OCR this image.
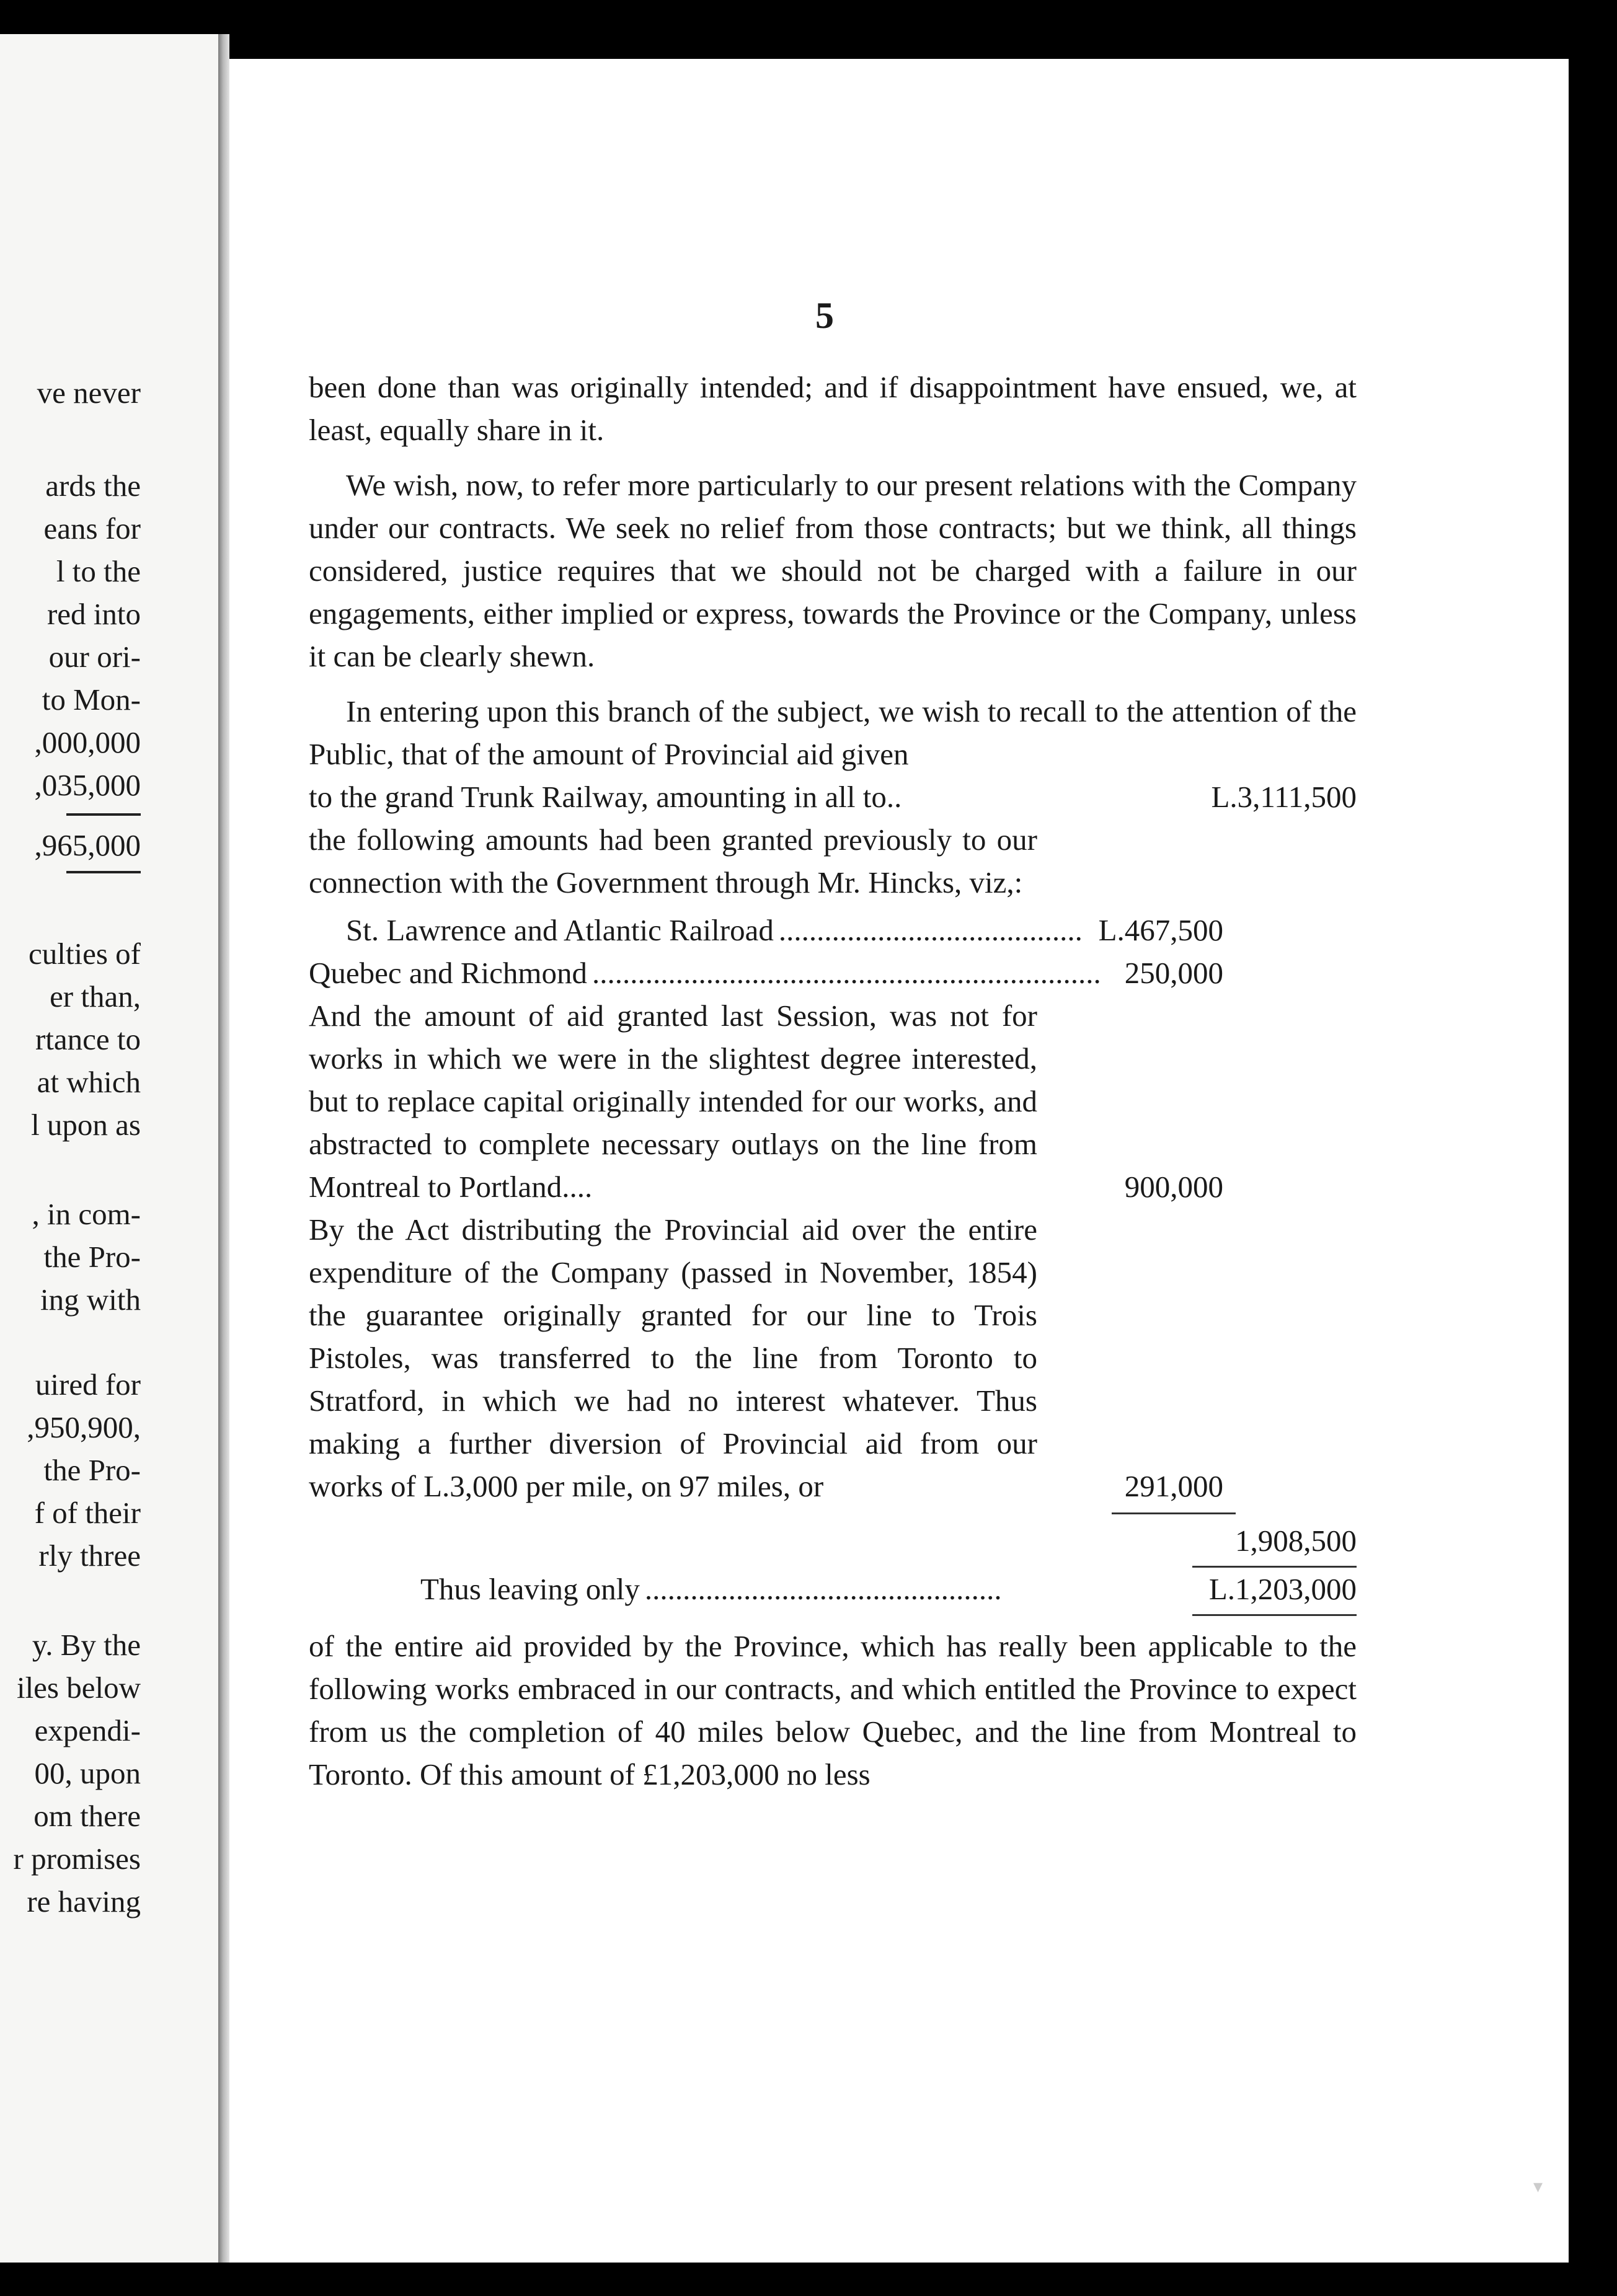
ve never
ards the
eans for
l to the
red into
our ori-
to Mon-
,000,000
,035,000
,965,000
culties of
er than,
rtance to
at which
l upon as
, in com-
the Pro-
ing with
uired for
,950,900,
the Pro-
f of their
rly three
y. By the
iles below
expendi-
00, upon
om there
r promises
re having
5

been done than was originally intended; and if disappointment have ensued, we, at least, equally share in it.

We wish, now, to refer more particularly to our present relations with the Company under our contracts. We seek no relief from those contracts; but we think, all things considered, justice requires that we should not be charged with a failure in our engagements, either implied or express, towards the Province or the Company, unless it can be clearly shewn.

In entering upon this branch of the subject, we wish to recall to the attention of the Public, that of the amount of Provincial aid given

to the grand Trunk Railway, amounting in all to..	L.3,111,500
the following amounts had been granted previously to our connection with the Government through Mr. Hincks, viz,:
St. Lawrence and Atlantic Railroad ........................................ L.467,500
Quebec and Richmond ................................................................... 250,000
And the amount of aid granted last Session, was not for works in which we were in the slightest degree interested, but to replace capital originally intended for our works, and abstracted to complete necessary outlays on the line from Montreal to Portland....	900,000
By the Act distributing the Provincial aid over the entire expenditure of the Company (passed in November, 1854) the guarantee originally granted for our line to Trois Pistoles, was transferred to the line from Toronto to Stratford, in which we had no interest whatever. Thus making a further diversion of Provincial aid from our works of L.3,000 per mile, on 97 miles, or	291,000
1,908,500
Thus leaving only ...............................................	L.1,203,000

of the entire aid provided by the Province, which has really been applicable to the following works embraced in our contracts, and which entitled the Province to expect from us the completion of 40 miles below Quebec, and the line from Montreal to Toronto. Of this amount of £1,203,000 no less

▾
